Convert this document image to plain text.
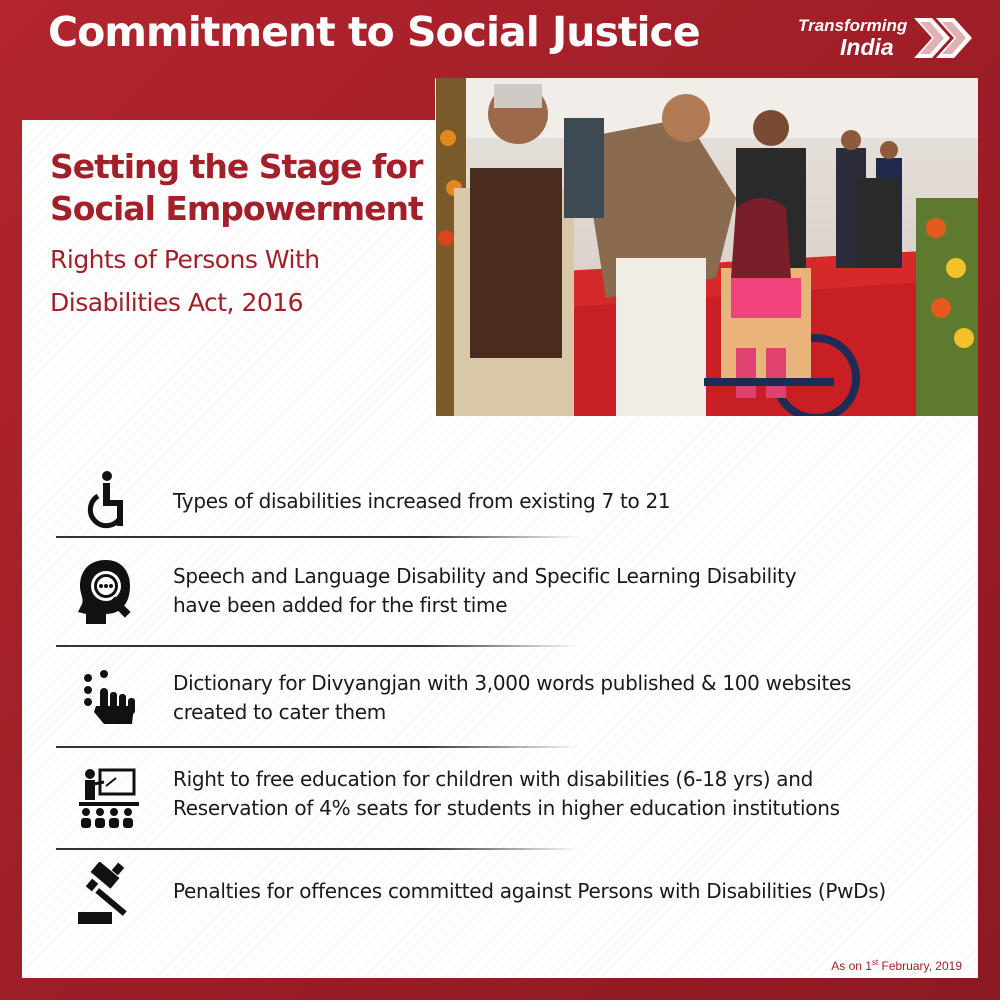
Commitment to Social Justice	Transforming
India
Setting the Stage for
Social Empowerment
Rights of Persons With
Disabilities Act, 2016
Types of disabilities increased from existing 7 to 21
Speech and Language Disability and Specific Learning Disability
have been added for the first time
Dictionary for Divyangjan with 3,000 words published & 100 websites
created to cater them
Right to free education for children with disabilities (6-18 yrs) and
Reservation of 4% seats for students in higher education institutions
Penalties for offences committed against Persons with Disabilities (PwDs)
As on 1st February, 2019
